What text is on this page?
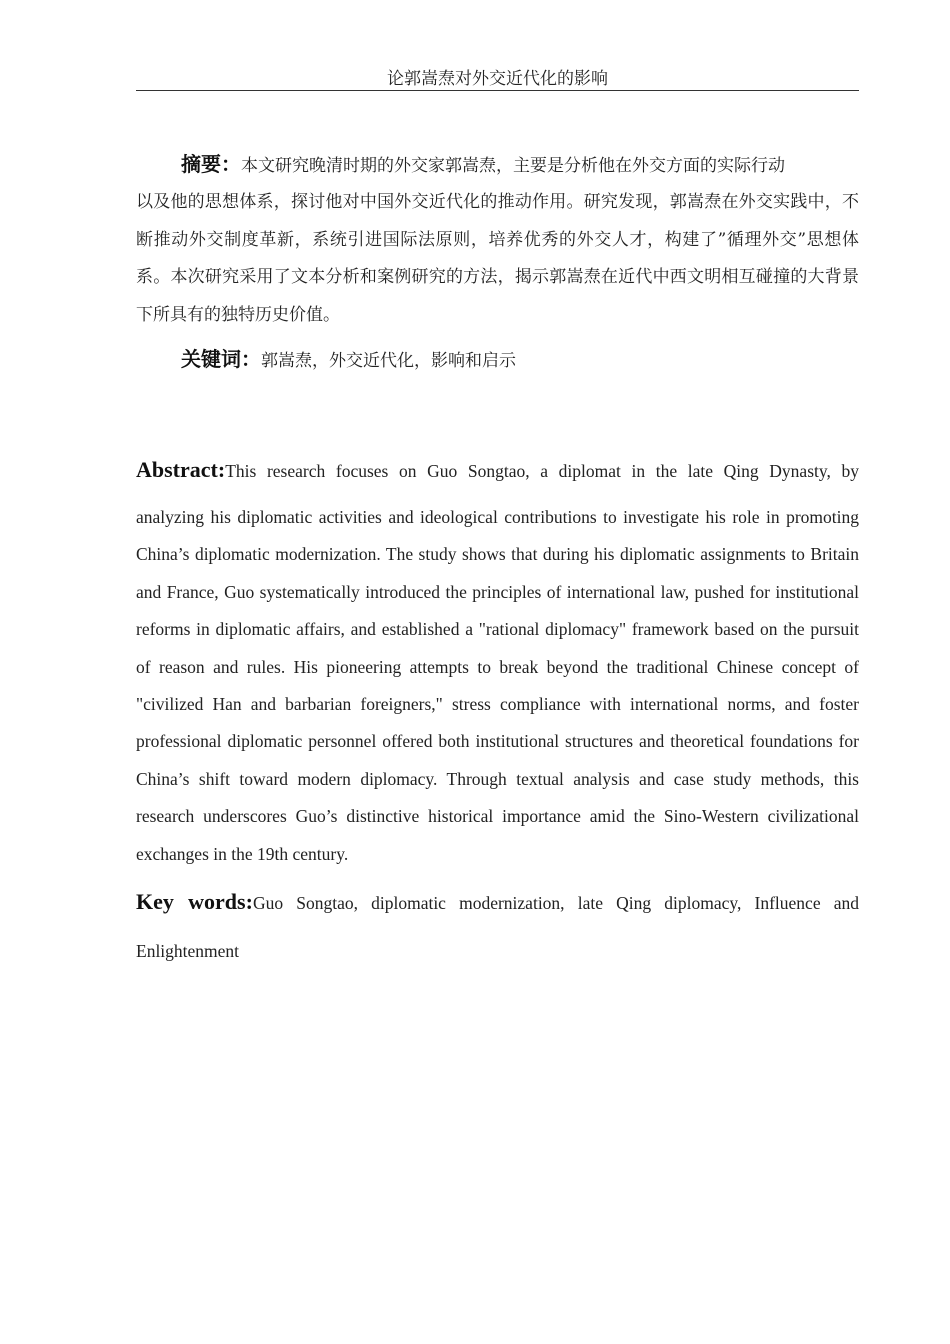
论郭嵩焘对外交近代化的影响

摘要：本文研究晚清时期的外交家郭嵩焘，主要是分析他在外交方面的实际行动

以及他的思想体系，探讨他对中国外交近代化的推动作用。研究发现，郭嵩焘在外交实践中，不断推动外交制度革新，系统引进国际法原则，培养优秀的外交人才，构建了”循理外交”思想体系。本次研究采用了文本分析和案例研究的方法，揭示郭嵩焘在近代中西文明相互碰撞的大背景下所具有的独特历史价值。

关键词：郭嵩焘，外交近代化，影响和启示

Abstract:This research focuses on Guo Songtao, a diplomat in the late Qing Dynasty, by
analyzing his diplomatic activities and ideological contributions to investigate his role in promoting China’s diplomatic modernization. The study shows that during his diplomatic assignments to Britain and France, Guo systematically introduced the principles of international law, pushed for institutional reforms in diplomatic affairs, and established a "rational diplomacy" framework based on the pursuit of reason and rules. His pioneering attempts to break beyond the traditional Chinese concept of "civilized Han and barbarian foreigners," stress compliance with international norms, and foster professional diplomatic personnel offered both institutional structures and theoretical foundations for China’s shift toward modern diplomacy. Through textual analysis and case study methods, this research underscores Guo’s distinctive historical importance amid the Sino-Western civilizational exchanges in the 19th century.

Key words:Guo Songtao, diplomatic modernization, late Qing diplomacy, Influence and Enlightenment
